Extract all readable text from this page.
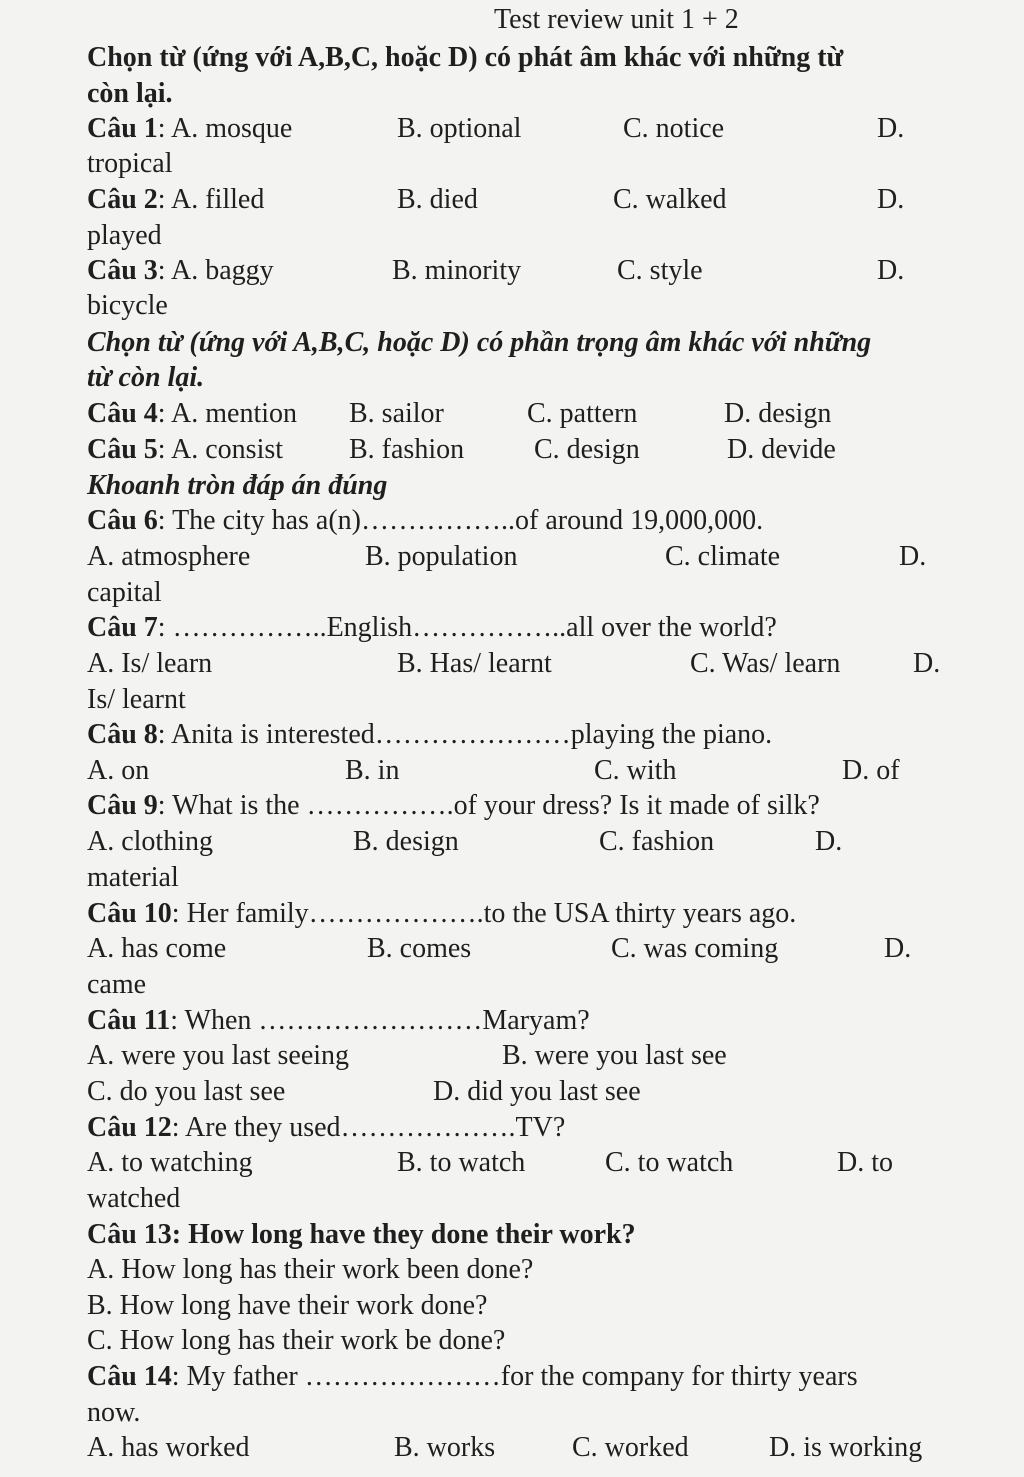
Test review unit 1 + 2
Chọn từ (ứng với A,B,C, hoặc D) có phát âm khác với những từ
còn lại.
Câu 1: A. mosque	B. optional	C. notice	D.
tropical
Câu 2: A. filled	B. died	C. walked	D.
played
Câu 3: A. baggy	B. minority	C. style	D.
bicycle
Chọn từ (ứng với A,B,C, hoặc D) có phần trọng âm khác với những
từ còn lại.
Câu 4: A. mention B. sailor	C. pattern	D. design
Câu 5: A. consist B. fashion C. design	D. devide
Khoanh tròn đáp án đúng
Câu 6: The city has a(n)……………..of around 19,000,000.
A. atmosphere	B. population	C. climate	D.
capital
Câu 7: ……………..English……………..all over the world?
A. Is/ learn	B. Has/ learnt	C. Was/ learn	D.
Is/ learnt
Câu 8: Anita is interested…………………playing the piano.
A. on	B. in	C. with	D. of
Câu 9: What is the …………….of your dress? Is it made of silk?
A. clothing	B. design	C. fashion	D.
material
Câu 10: Her family……………….to the USA thirty years ago.
A. has come	B. comes	C. was coming	D.
came
Câu 11: When ……………………Maryam?
A. were you last seeing	B. were you last see
C. do you last see	D. did you last see
Câu 12: Are they used……………….TV?
A. to watching	B. to watch	C. to watch	D. to
watched
Câu 13: How long have they done their work?
A. How long has their work been done?
B. How long have their work done?
C. How long has their work be done?
Câu 14: My father …………………for the company for thirty years
now.
A. has worked	B. works	C. worked	D. is working
